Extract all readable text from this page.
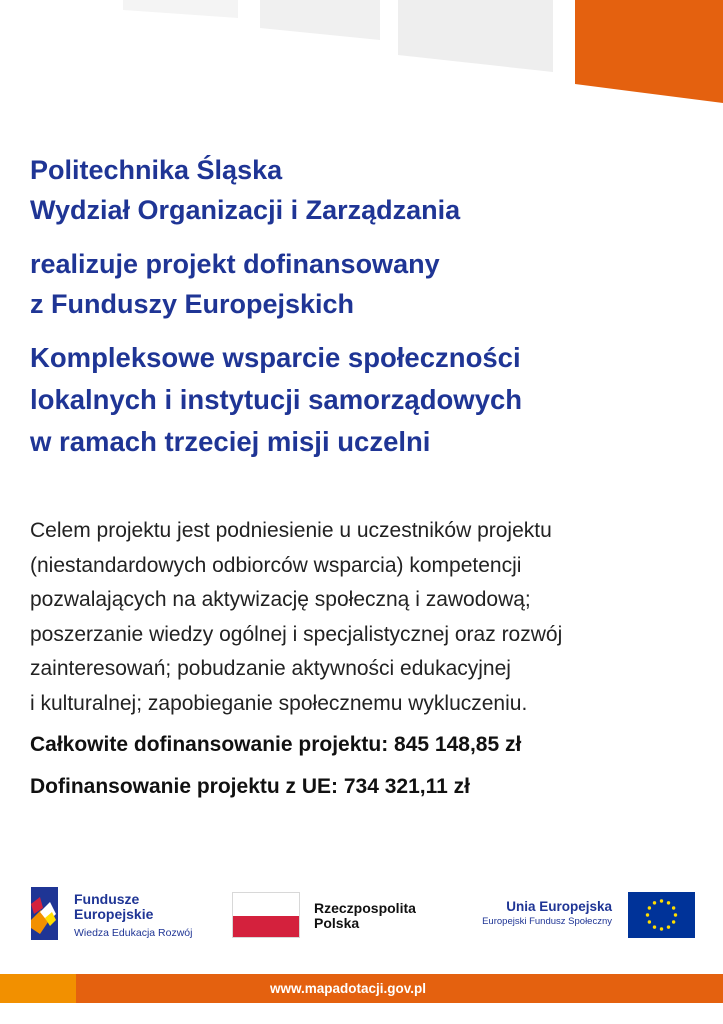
Politechnika Śląska
Wydział Organizacji i Zarządzania
realizuje projekt dofinansowany
z Funduszy Europejskich
Kompleksowe wsparcie społeczności
lokalnych i instytucji samorządowych
w ramach trzeciej misji uczelni
Celem projektu jest podniesienie u uczestników projektu
(niestandardowych odbiorców wsparcia) kompetencji
pozwalających na aktywizację społeczną i zawodową;
poszerzanie wiedzy ogólnej i specjalistycznej oraz rozwój
zainteresowań; pobudzanie aktywności edukacyjnej
i kulturalnej; zapobieganie społecznemu wykluczeniu.
Całkowite dofinansowanie projektu: 845 148,85 zł
Dofinansowanie projektu z UE: 734 321,11 zł
Fundusze
Europejskie
Wiedza Edukacja Rozwój
Rzeczpospolita
Polska
Unia Europejska
Europejski Fundusz Społeczny
www.mapadotacji.gov.pl
